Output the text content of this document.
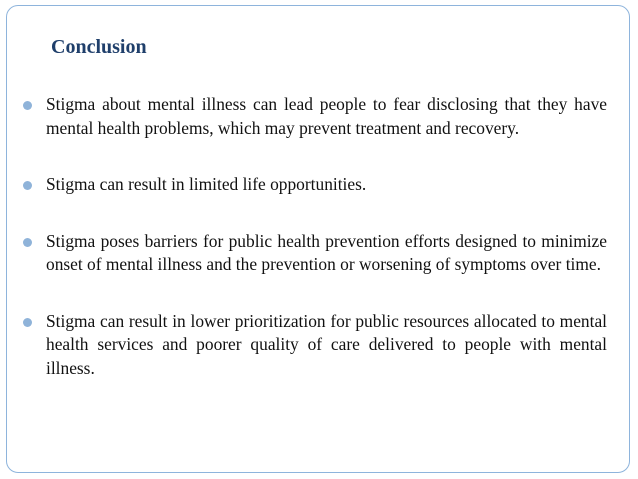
Conclusion
Stigma about mental illness can lead people to fear disclosing that they have mental health problems, which may prevent treatment and recovery.
Stigma can result in limited life opportunities.
Stigma poses barriers for public health prevention efforts designed to minimize onset of mental illness and the prevention or worsening of symptoms over time.
Stigma can result in lower prioritization for public resources allocated to mental health services and poorer quality of care delivered to people with mental illness.
